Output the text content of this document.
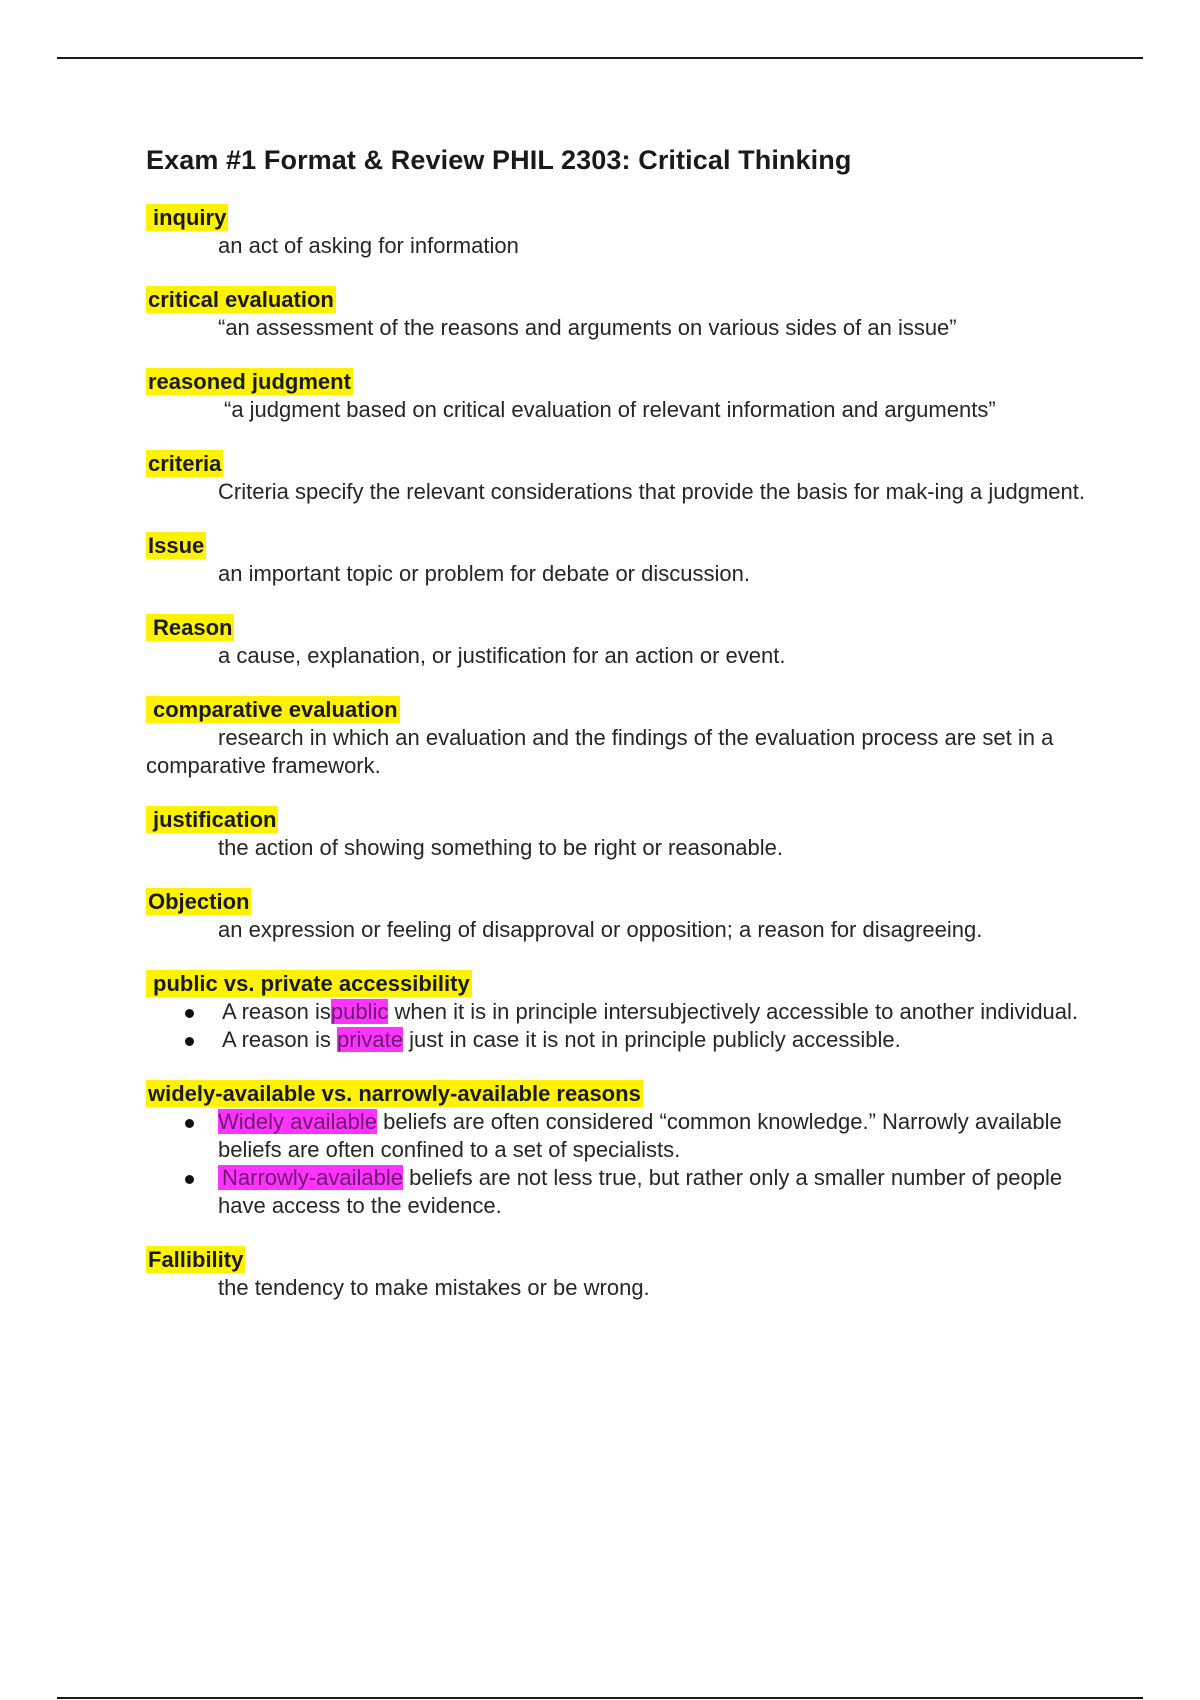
Exam #1 Format & Review PHIL 2303: Critical Thinking
inquiry

an act of asking for information

critical evaluation

“an assessment of the reasons and arguments on various sides of an issue”

reasoned judgment

“a judgment based on critical evaluation of relevant information and arguments”

criteria

Criteria specify the relevant considerations that provide the basis for mak-ing a judgment.

Issue

an important topic or problem for debate or discussion.

Reason

a cause, explanation, or justification for an action or event.

comparative evaluation

research in which an evaluation and the findings of the evaluation process are set in a comparative framework.

justification

the action of showing something to be right or reasonable.

Objection

an expression or feeling of disapproval or opposition; a reason for disagreeing.

public vs. private accessibility
A reason ispublic when it is in principle intersubjectively accessible to another individual.
A reason is private just in case it is not in principle publicly accessible.
widely-available vs. narrowly-available reasons
Widely available beliefs are often considered “common knowledge.” Narrowly available beliefs are often confined to a set of specialists.
Narrowly-available beliefs are not less true, but rather only a smaller number of people have access to the evidence.
Fallibility

the tendency to make mistakes or be wrong.
